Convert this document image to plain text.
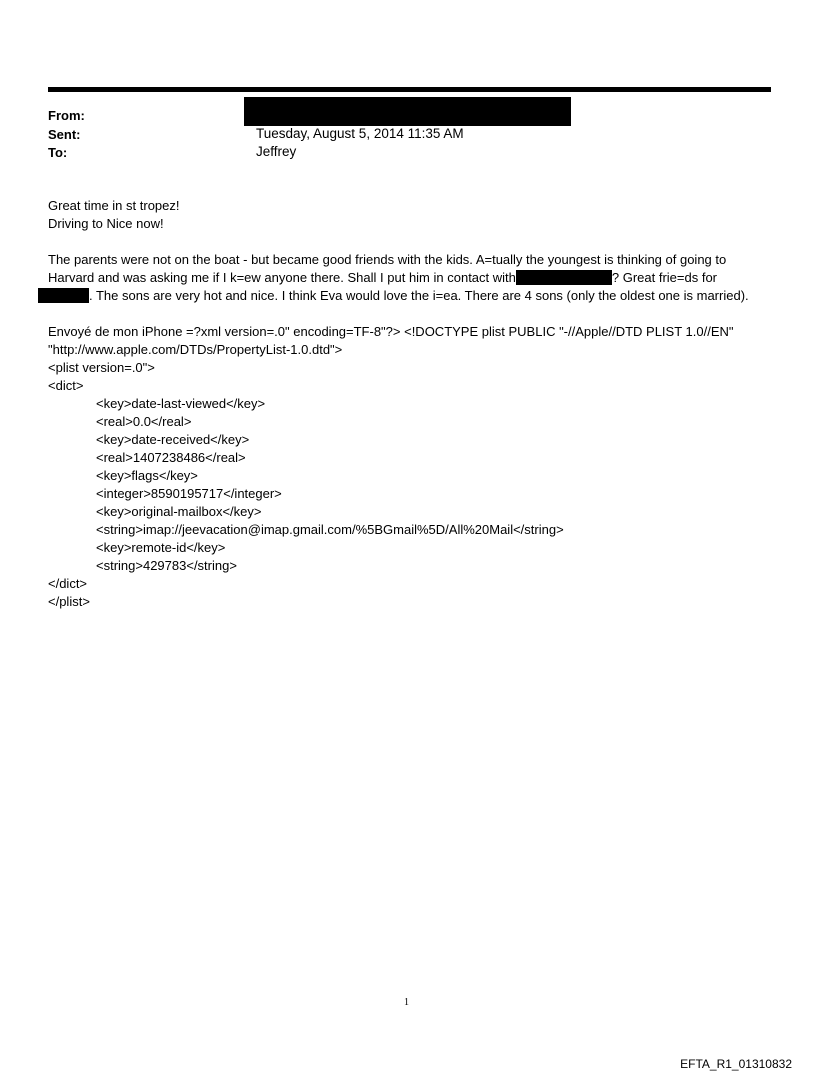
From:
Sent:	Tuesday, August 5, 2014 11:35 AM
To:	Jeffrey
Great time in st tropez!
Driving to Nice now!
The parents were not on the boat - but became good friends with the kids. A=tually the youngest is thinking of going to
Harvard and was asking me if I k=ew anyone there. Shall I put him in contact with	? Great frie=ds for
. The sons are very hot and nice. I think Eva would love the i=ea. There are 4 sons (only the oldest one is married).
Envoyé de mon iPhone =?xml version=.0" encoding=TF-8"?> <!DOCTYPE plist PUBLIC "-//Apple//DTD PLIST 1.0//EN"
"http://www.apple.com/DTDs/PropertyList-1.0.dtd">
<plist version=.0">
<dict>
<key>date-last-viewed</key>
<real>0.0</real>
<key>date-received</key>
<real>1407238486</real>
<key>flags</key>
<integer>8590195717</integer>
<key>original-mailbox</key>
<string>imap://jeevacation@imap.gmail.com/%5BGmail%5D/All%20Mail</string>
<key>remote-id</key>
<string>429783</string>
</dict>
</plist>
1
EFTA_R1_01310832
